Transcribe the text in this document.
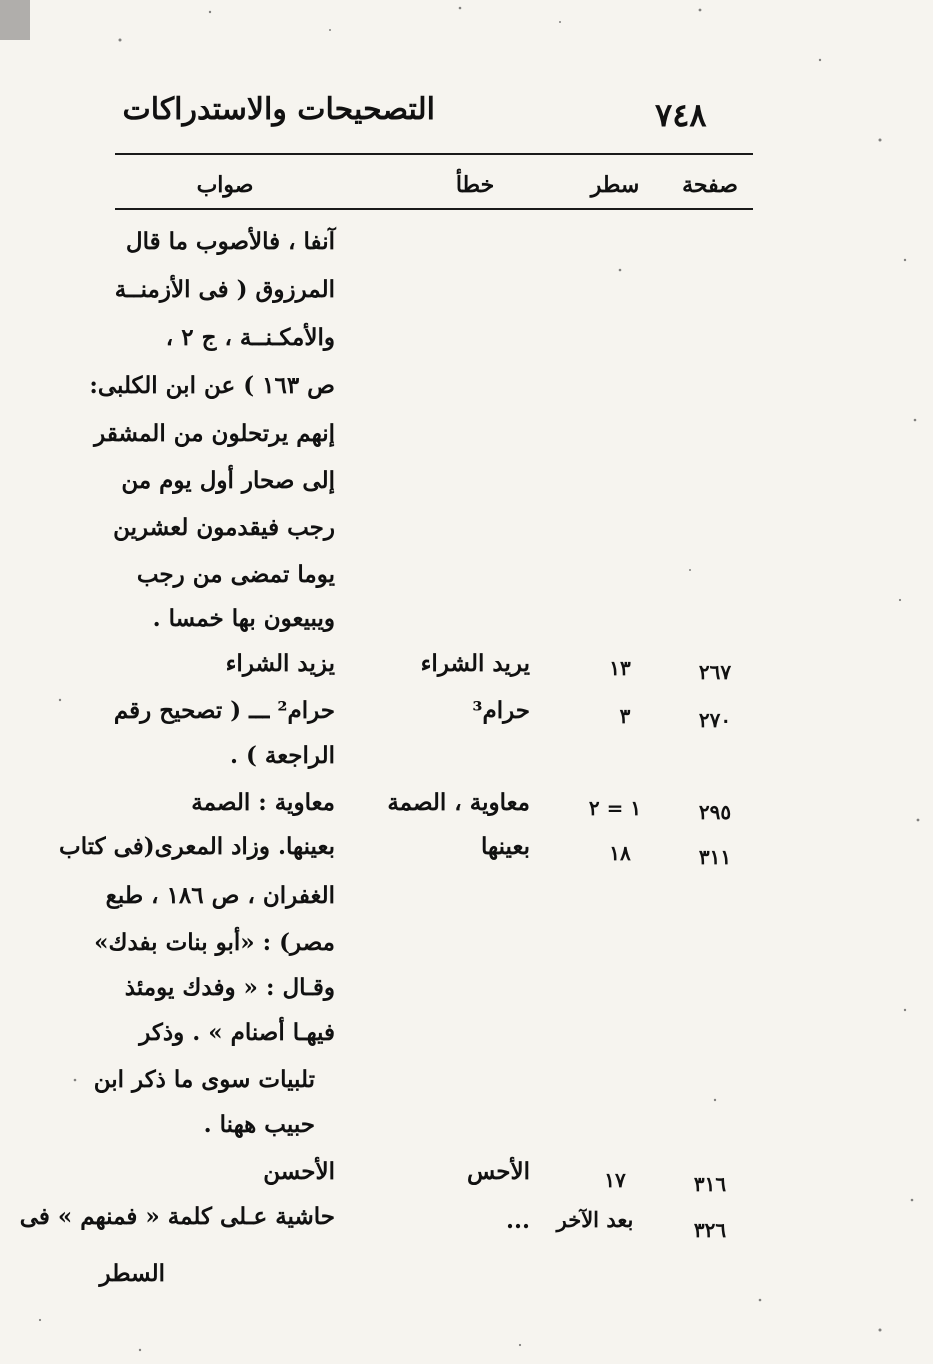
التصحيحات والاستدراكات	٧٤٨
صفحة
سطر
خطأ
صواب
آنفا ، فالأصوب ما قال
المرزوق ( فى الأزمنــة
والأمكـنــة ، ج ٢ ،
ص ١٦٣ ) عن ابن الكلبى:
إنهم يرتحلون من المشقر
إلى صحار أول يوم من
رجب فيقدمون لعشرين
يوما تمضى من رجب
ويبيعون بها خمسا .
٢٦٧
١٣
يريد الشراء
يزيد الشراء
٢٧٠
٣
حرام³
حرام² ـــ ( تصحيح رقم
الراجعة ) .
٢٩٥
١ = ٢
معاوية ، الصمة
معاوية : الصمة
٣١١
١٨
بعينها
بعينها. وزاد المعرى(فى كتاب
الغفران ، ص ١٨٦ ، طبع
مصر) : «أبو بنات بفدك»
وقـال : « وفدك يومئذ
فيهـا أصنام » . وذكر
تلبيات سوى ما ذكر ابن
حبيب ههنا .
٣١٦
١٧
الأحس
الأحسن
٣٢٦
بعد الآخر
...
حاشية عـلى كلمة « فمنهم » فى
السطر
